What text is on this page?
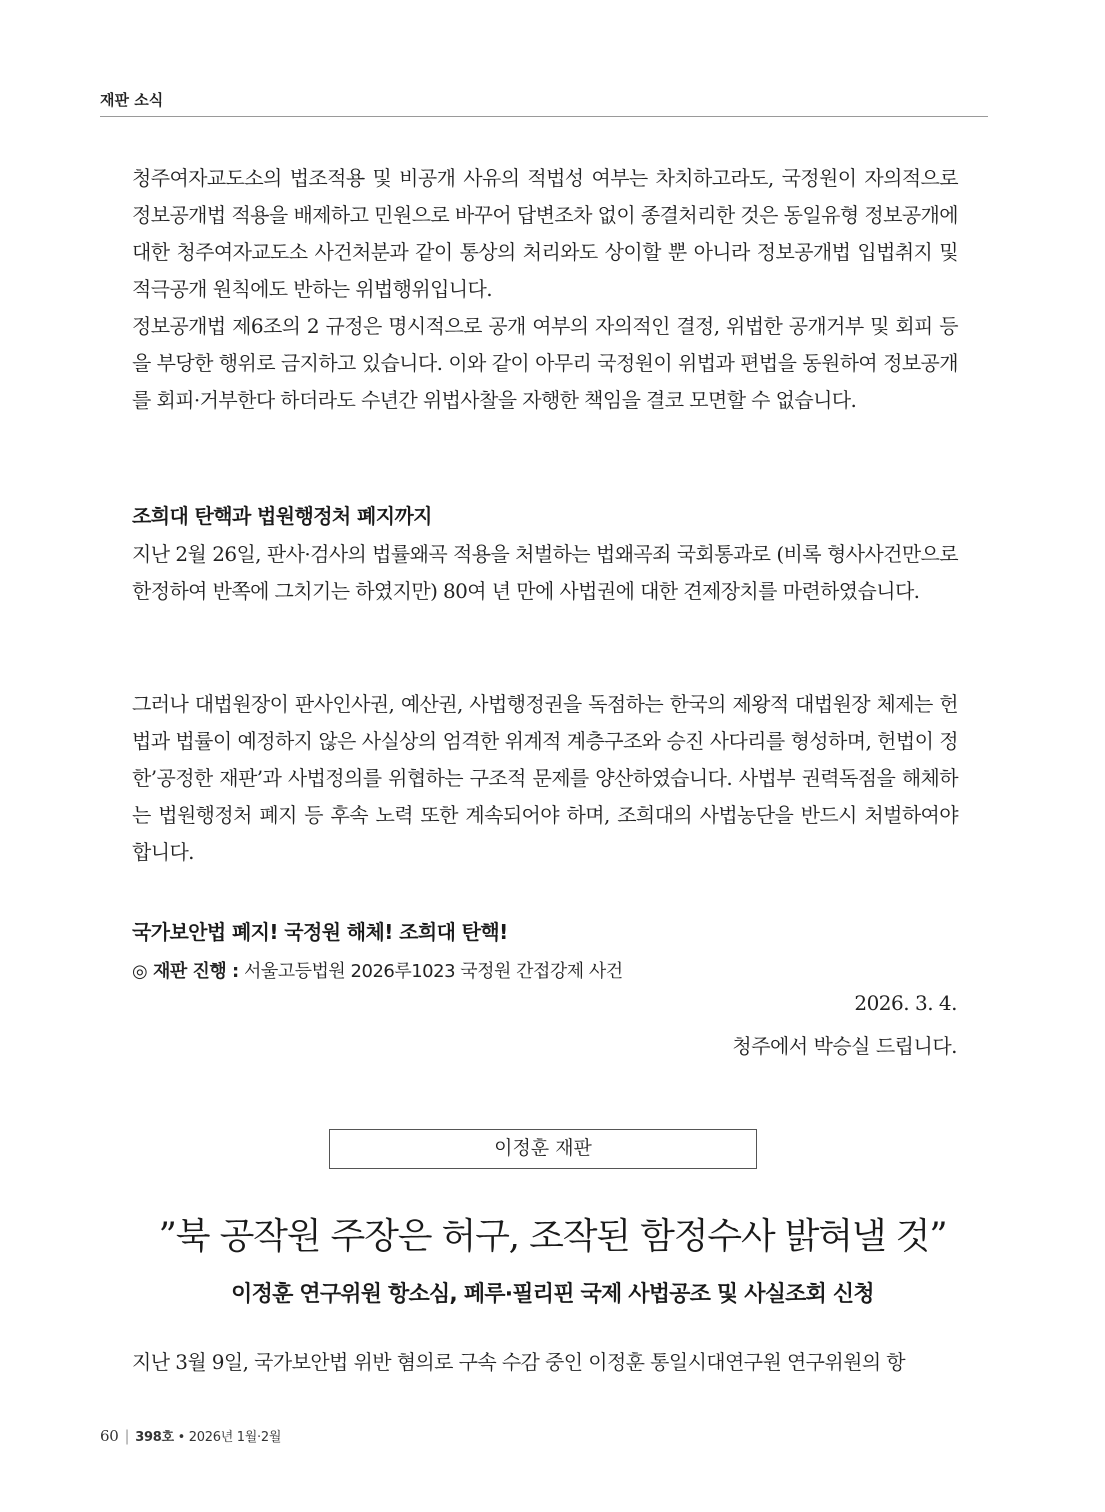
재판 소식

청주여자교도소의 법조적용 및 비공개 사유의 적법성 여부는 차치하고라도, 국정원이 자의적으로 정보공개법 적용을 배제하고 민원으로 바꾸어 답변조차 없이 종결처리한 것은 동일유형 정보공개에 대한 청주여자교도소 사건처분과 같이 통상의 처리와도 상이할 뿐 아니라 정보공개법 입법취지 및 적극공개 원칙에도 반하는 위법행위입니다.

정보공개법 제6조의 2 규정은 명시적으로 공개 여부의 자의적인 결정, 위법한 공개거부 및 회피 등을 부당한 행위로 금지하고 있습니다. 이와 같이 아무리 국정원이 위법과 편법을 동원하여 정보공개를 회피·거부한다 하더라도 수년간 위법사찰을 자행한 책임을 결코 모면할 수 없습니다.

조희대 탄핵과 법원행정처 폐지까지

지난 2월 26일, 판사·검사의 법률왜곡 적용을 처벌하는 법왜곡죄 국회통과로 (비록 형사사건만으로 한정하여 반쪽에 그치기는 하였지만) 80여 년 만에 사법권에 대한 견제장치를 마련하였습니다.

그러나 대법원장이 판사인사권, 예산권, 사법행정권을 독점하는 한국의 제왕적 대법원장 체제는 헌법과 법률이 예정하지 않은 사실상의 엄격한 위계적 계층구조와 승진 사다리를 형성하며, 헌법이 정한’공정한 재판’과 사법정의를 위협하는 구조적 문제를 양산하였습니다. 사법부 권력독점을 해체하는 법원행정처 폐지 등 후속 노력 또한 계속되어야 하며, 조희대의 사법농단을 반드시 처벌하여야 합니다.

국가보안법 폐지! 국정원 해체! 조희대 탄핵!
◎ 재판 진행 : 서울고등법원 2026루1023 국정원 간접강제 사건
2026. 3. 4.
청주에서 박승실 드립니다.
이정훈 재판
”북 공작원 주장은 허구, 조작된 함정수사 밝혀낼 것”
이정훈 연구위원 항소심, 페루·필리핀 국제 사법공조 및 사실조회 신청

지난 3월 9일, 국가보안법 위반 혐의로 구속 수감 중인 이정훈 통일시대연구원 연구위원의 항

60 | 398호 • 2026년 1월·2월
